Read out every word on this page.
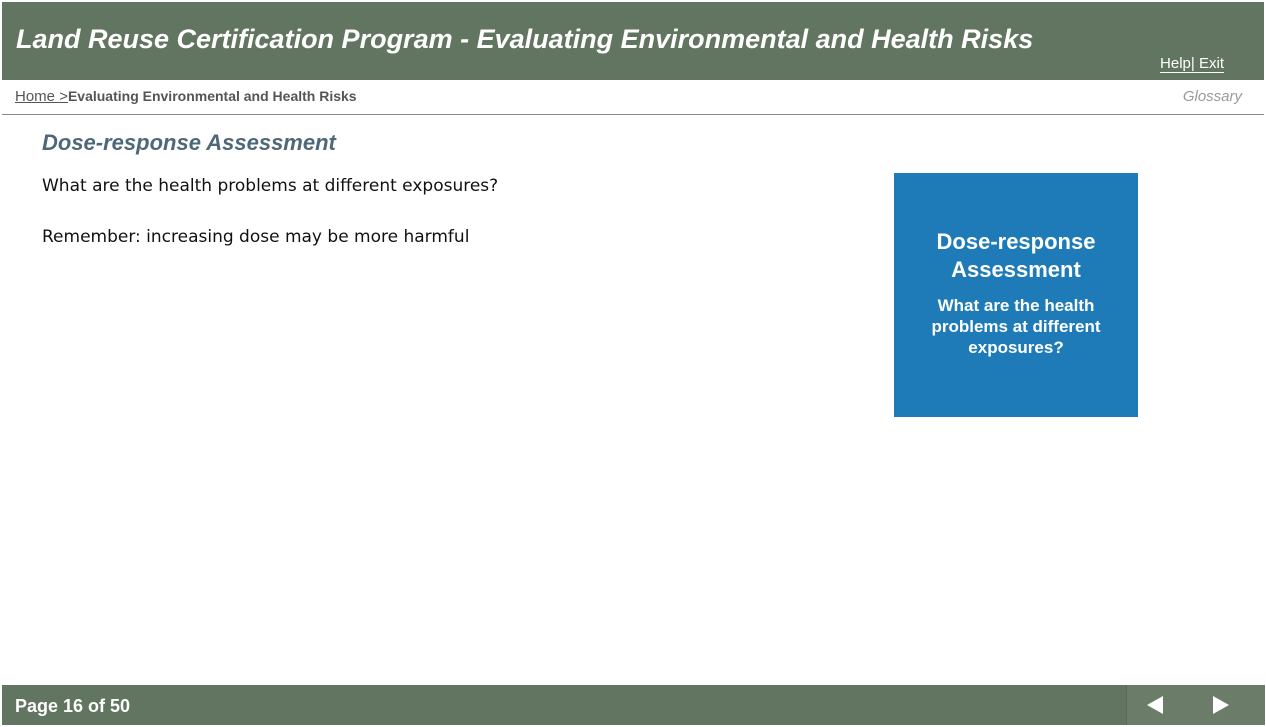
Land Reuse Certification Program - Evaluating Environmental and Health Risks
Help| Exit
Home >Evaluating Environmental and Health Risks	Glossary
Dose-response Assessment
What are the health problems at different exposures?
Remember: increasing dose may be more harmful	Dose-response Assessment
What are the health problems at different exposures?
Page 16 of 50
